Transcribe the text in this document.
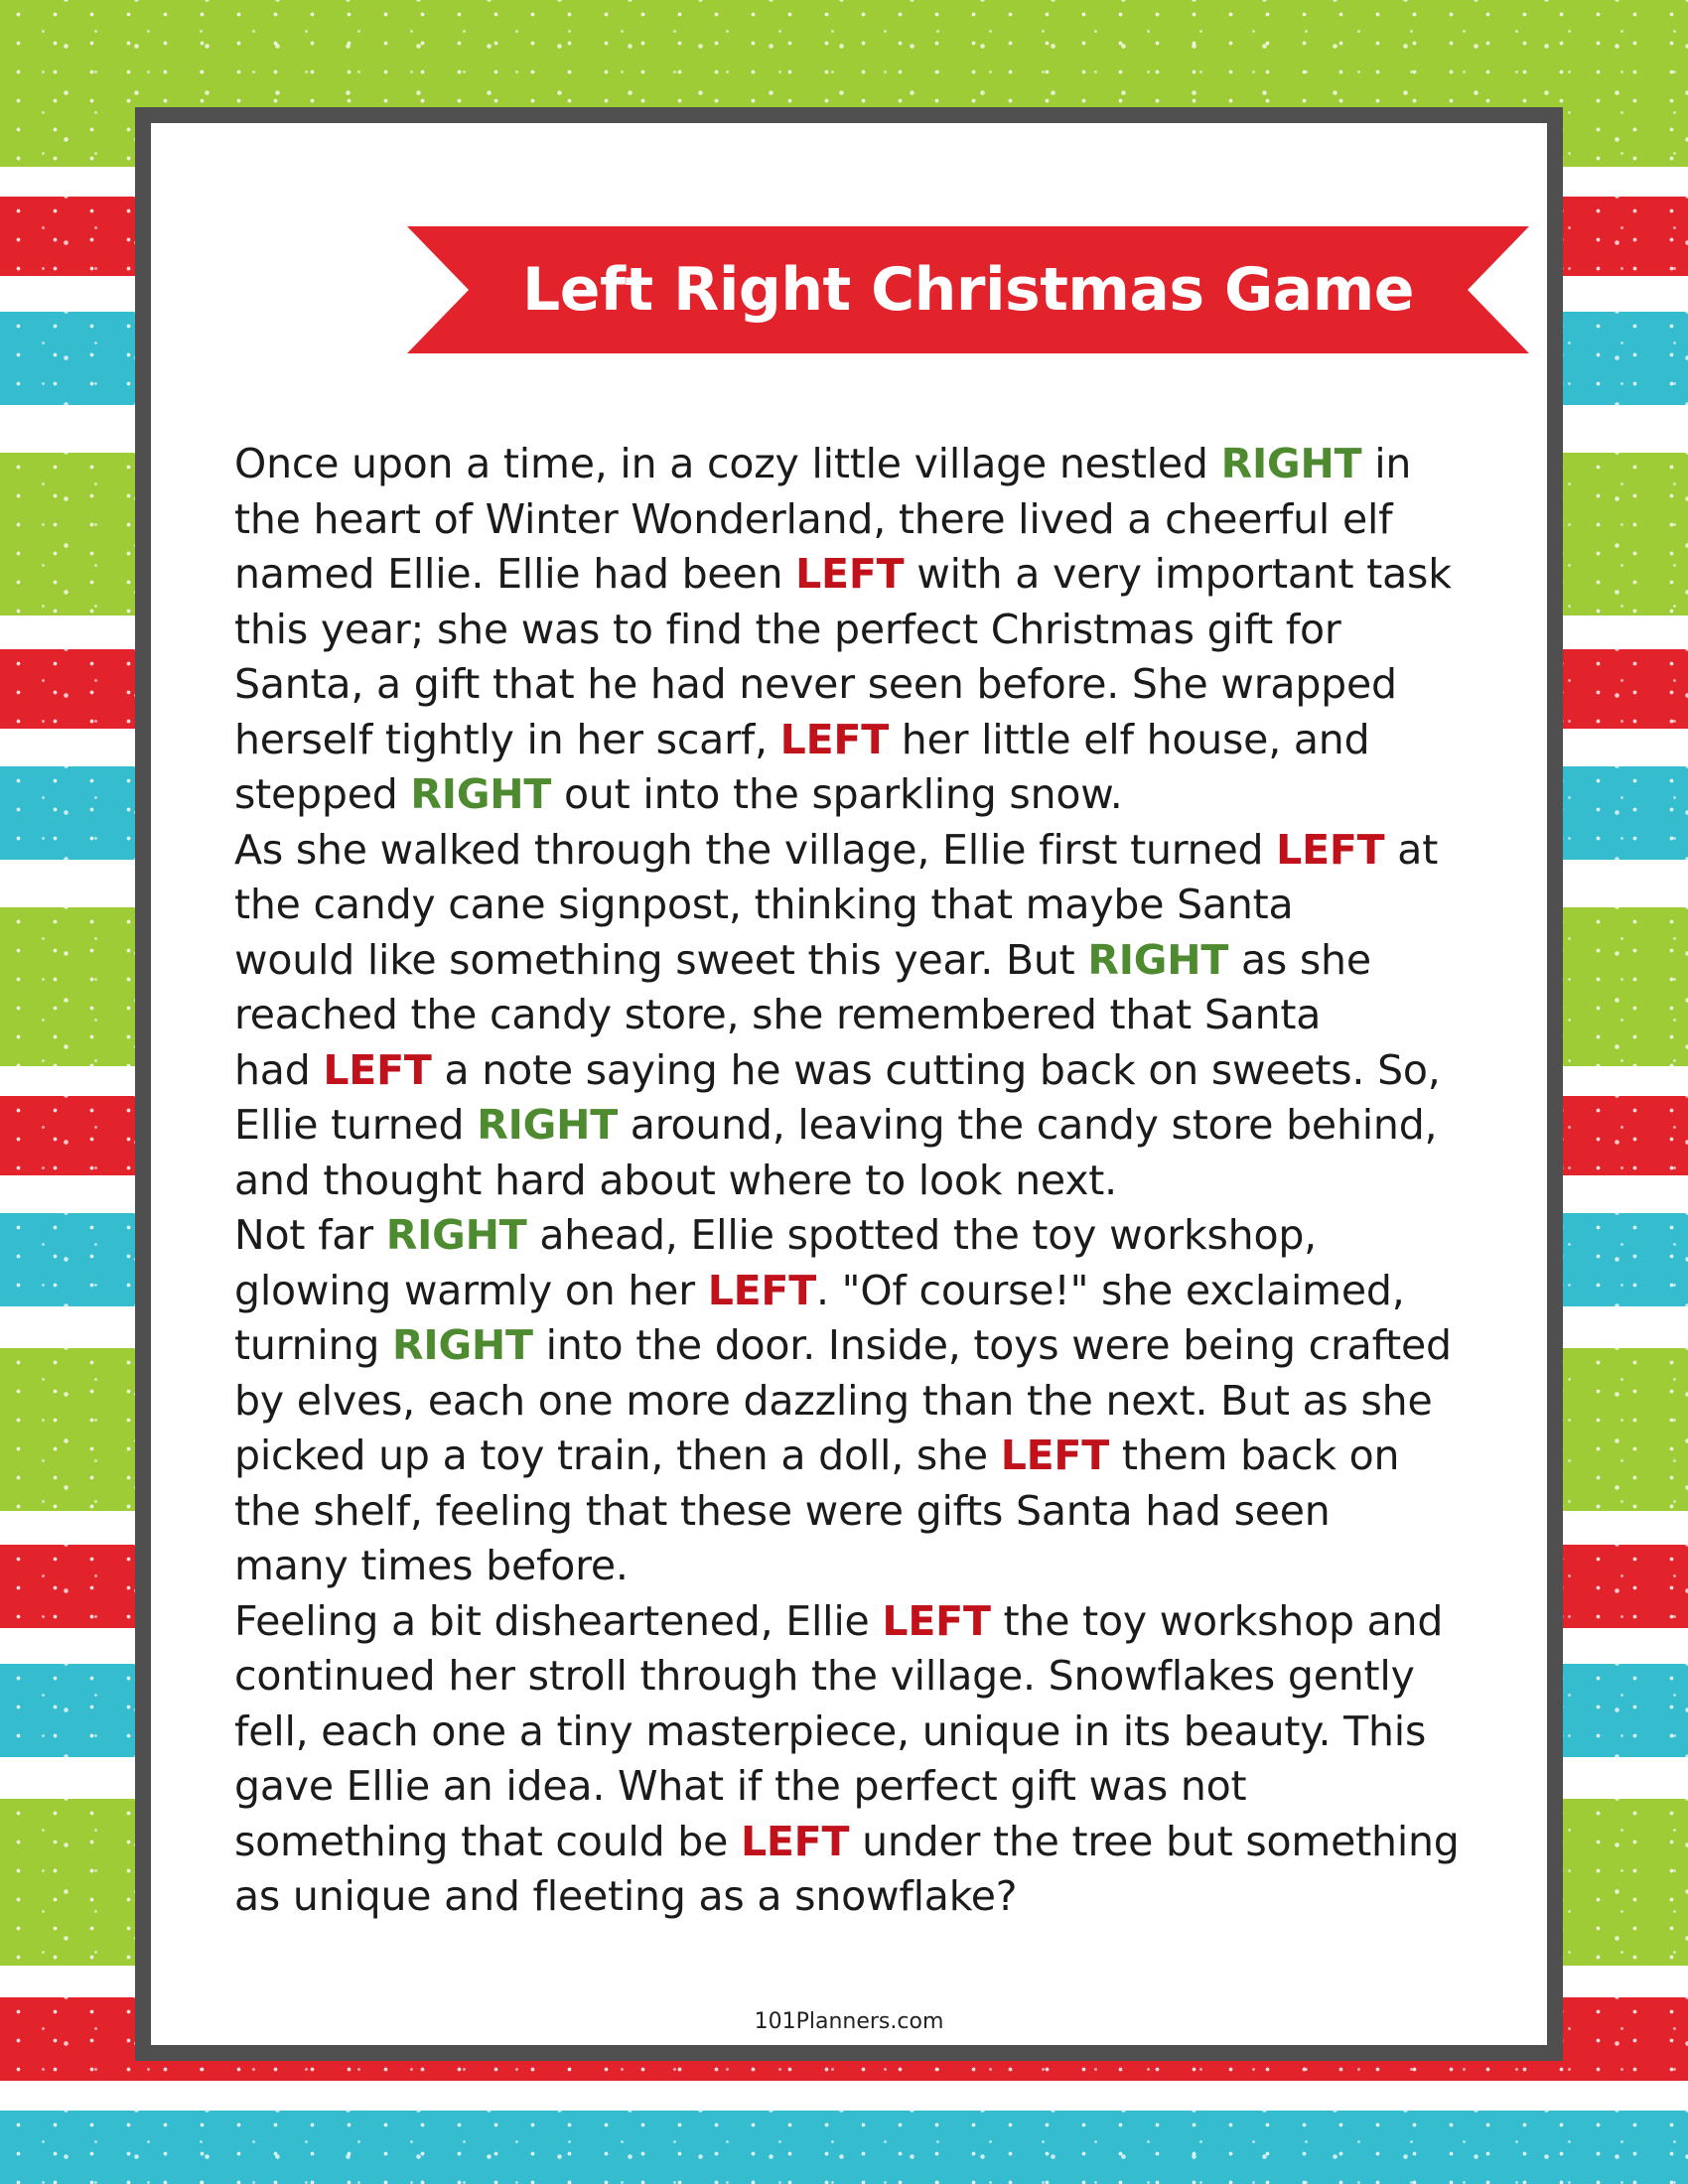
Left Right Christmas Game
Once upon a time, in a cozy little village nestled RIGHT in
the heart of Winter Wonderland, there lived a cheerful elf
named Ellie. Ellie had been LEFT with a very important task
this year; she was to find the perfect Christmas gift for
Santa, a gift that he had never seen before. She wrapped
herself tightly in her scarf, LEFT her little elf house, and
stepped RIGHT out into the sparkling snow.
As she walked through the village, Ellie first turned LEFT at
the candy cane signpost, thinking that maybe Santa
would like something sweet this year. But RIGHT as she
reached the candy store, she remembered that Santa
had LEFT a note saying he was cutting back on sweets. So,
Ellie turned RIGHT around, leaving the candy store behind,
and thought hard about where to look next.
Not far RIGHT ahead, Ellie spotted the toy workshop,
glowing warmly on her LEFT. "Of course!" she exclaimed,
turning RIGHT into the door. Inside, toys were being crafted
by elves, each one more dazzling than the next. But as she
picked up a toy train, then a doll, she LEFT them back on
the shelf, feeling that these were gifts Santa had seen
many times before.
Feeling a bit disheartened, Ellie LEFT the toy workshop and
continued her stroll through the village. Snowflakes gently
fell, each one a tiny masterpiece, unique in its beauty. This
gave Ellie an idea. What if the perfect gift was not
something that could be LEFT under the tree but something
as unique and fleeting as a snowflake?
101Planners.com
